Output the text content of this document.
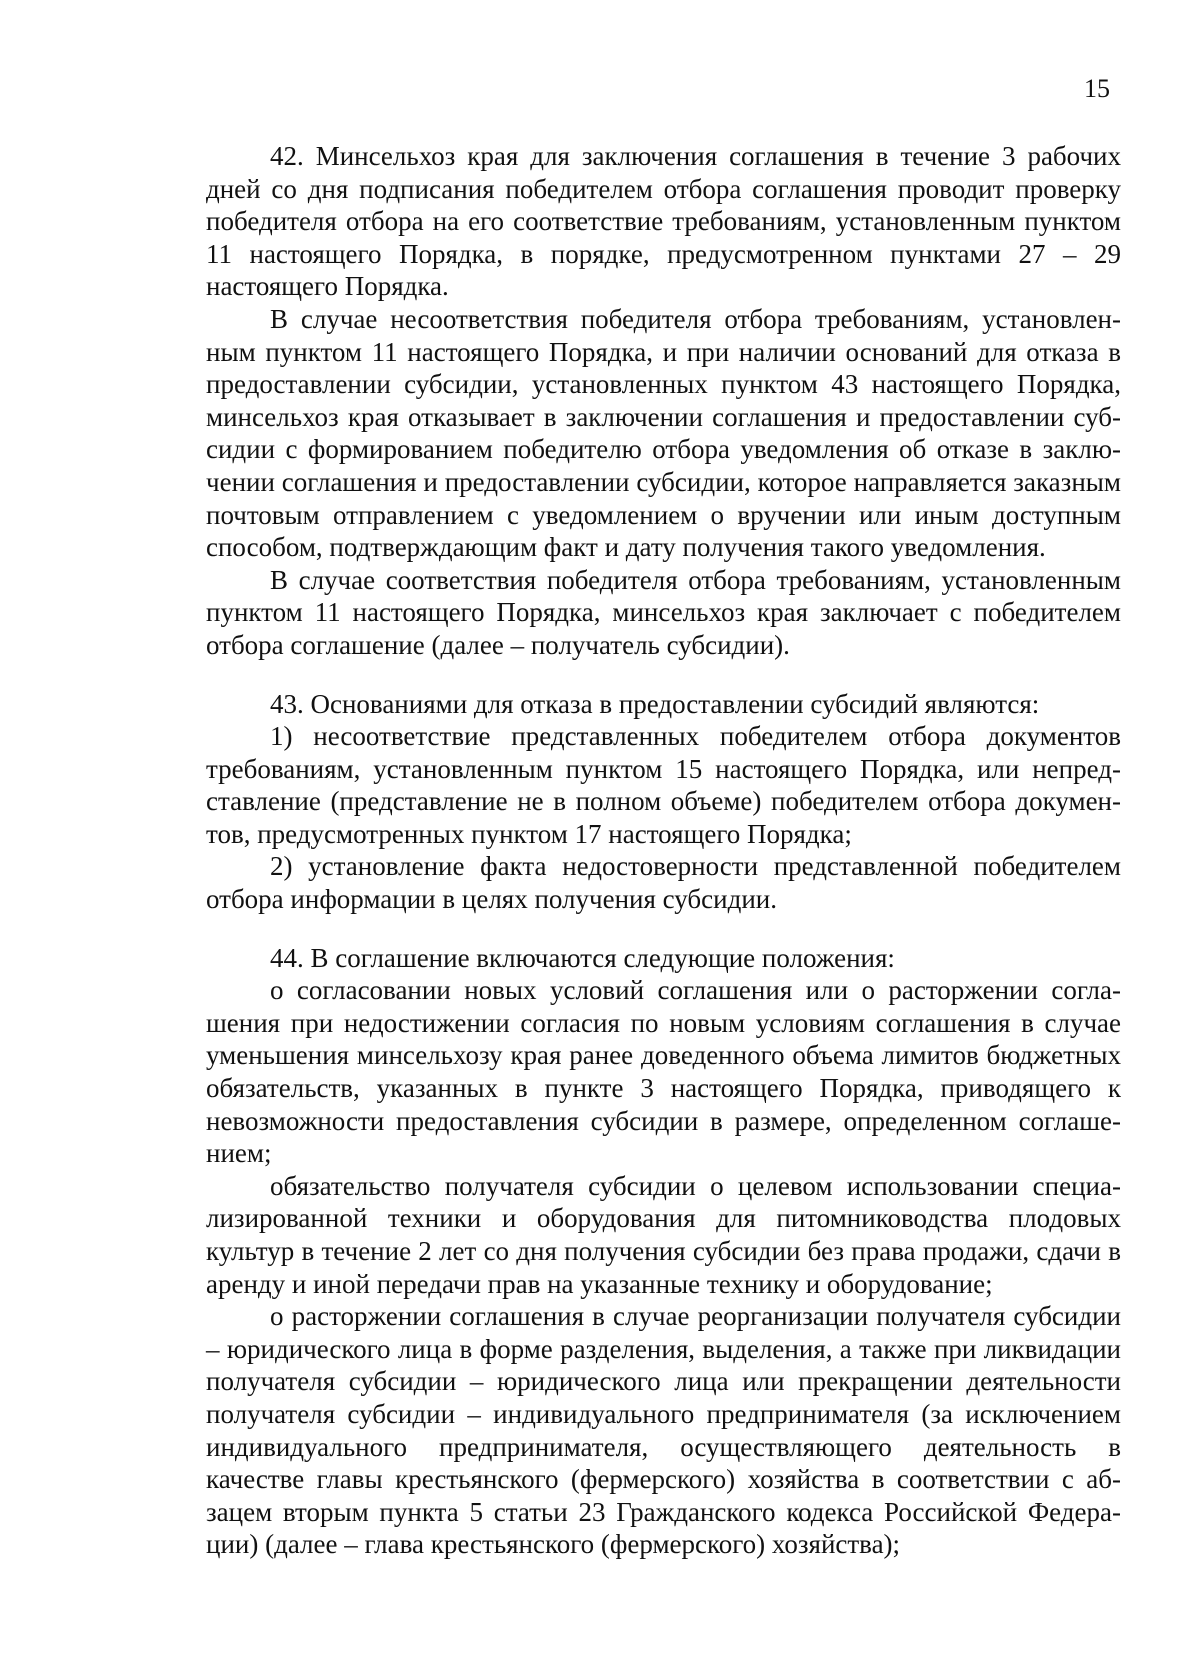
15

42. Минсельхоз края для заключения соглашения в течение 3 рабочих дней со дня подписания победителем отбора соглашения проводит проверку победителя отбора на его соответствие требованиям, установленным пунктом 11 настоящего Порядка, в порядке, предусмотренном пунктами 27 – 29 настоящего Порядка.

В случае несоответствия победителя отбора требованиям, установленным пунктом 11 настоящего Порядка, и при наличии оснований для отказа в предоставлении субсидии, установленных пунктом 43 настоящего Порядка, минсельхоз края отказывает в заключении соглашения и предоставлении субсидии с формированием победителю отбора уведомления об отказе в заключении соглашения и предоставлении субсидии, которое направляется заказным почтовым отправлением с уведомлением о вручении или иным доступным способом, подтверждающим факт и дату получения такого уведомления.

В случае соответствия победителя отбора требованиям, установленным пунктом 11 настоящего Порядка, минсельхоз края заключает с победителем отбора соглашение (далее – получатель субсидии).

43. Основаниями для отказа в предоставлении субсидий являются:

1) несоответствие представленных победителем отбора документов требованиям, установленным пунктом 15 настоящего Порядка, или непредставление (представление не в полном объеме) победителем отбора документов, предусмотренных пунктом 17 настоящего Порядка;

2) установление факта недостоверности представленной победителем отбора информации в целях получения субсидии.

44. В соглашение включаются следующие положения:

о согласовании новых условий соглашения или о расторжении соглашения при недостижении согласия по новым условиям соглашения в случае уменьшения минсельхозу края ранее доведенного объема лимитов бюджетных обязательств, указанных в пункте 3 настоящего Порядка, приводящего к невозможности предоставления субсидии в размере, определенном соглашением;

обязательство получателя субсидии о целевом использовании специализированной техники и оборудования для питомниководства плодовых культур в течение 2 лет со дня получения субсидии без права продажи, сдачи в аренду и иной передачи прав на указанные технику и оборудование;

о расторжении соглашения в случае реорганизации получателя субсидии – юридического лица в форме разделения, выделения, а также при ликвидации получателя субсидии – юридического лица или прекращении деятельности получателя субсидии – индивидуального предпринимателя (за исключением индивидуального предпринимателя, осуществляющего деятельность в качестве главы крестьянского (фермерского) хозяйства в соответствии с абзацем вторым пункта 5 статьи 23 Гражданского кодекса Российской Федерации) (далее – глава крестьянского (фермерского) хозяйства);
